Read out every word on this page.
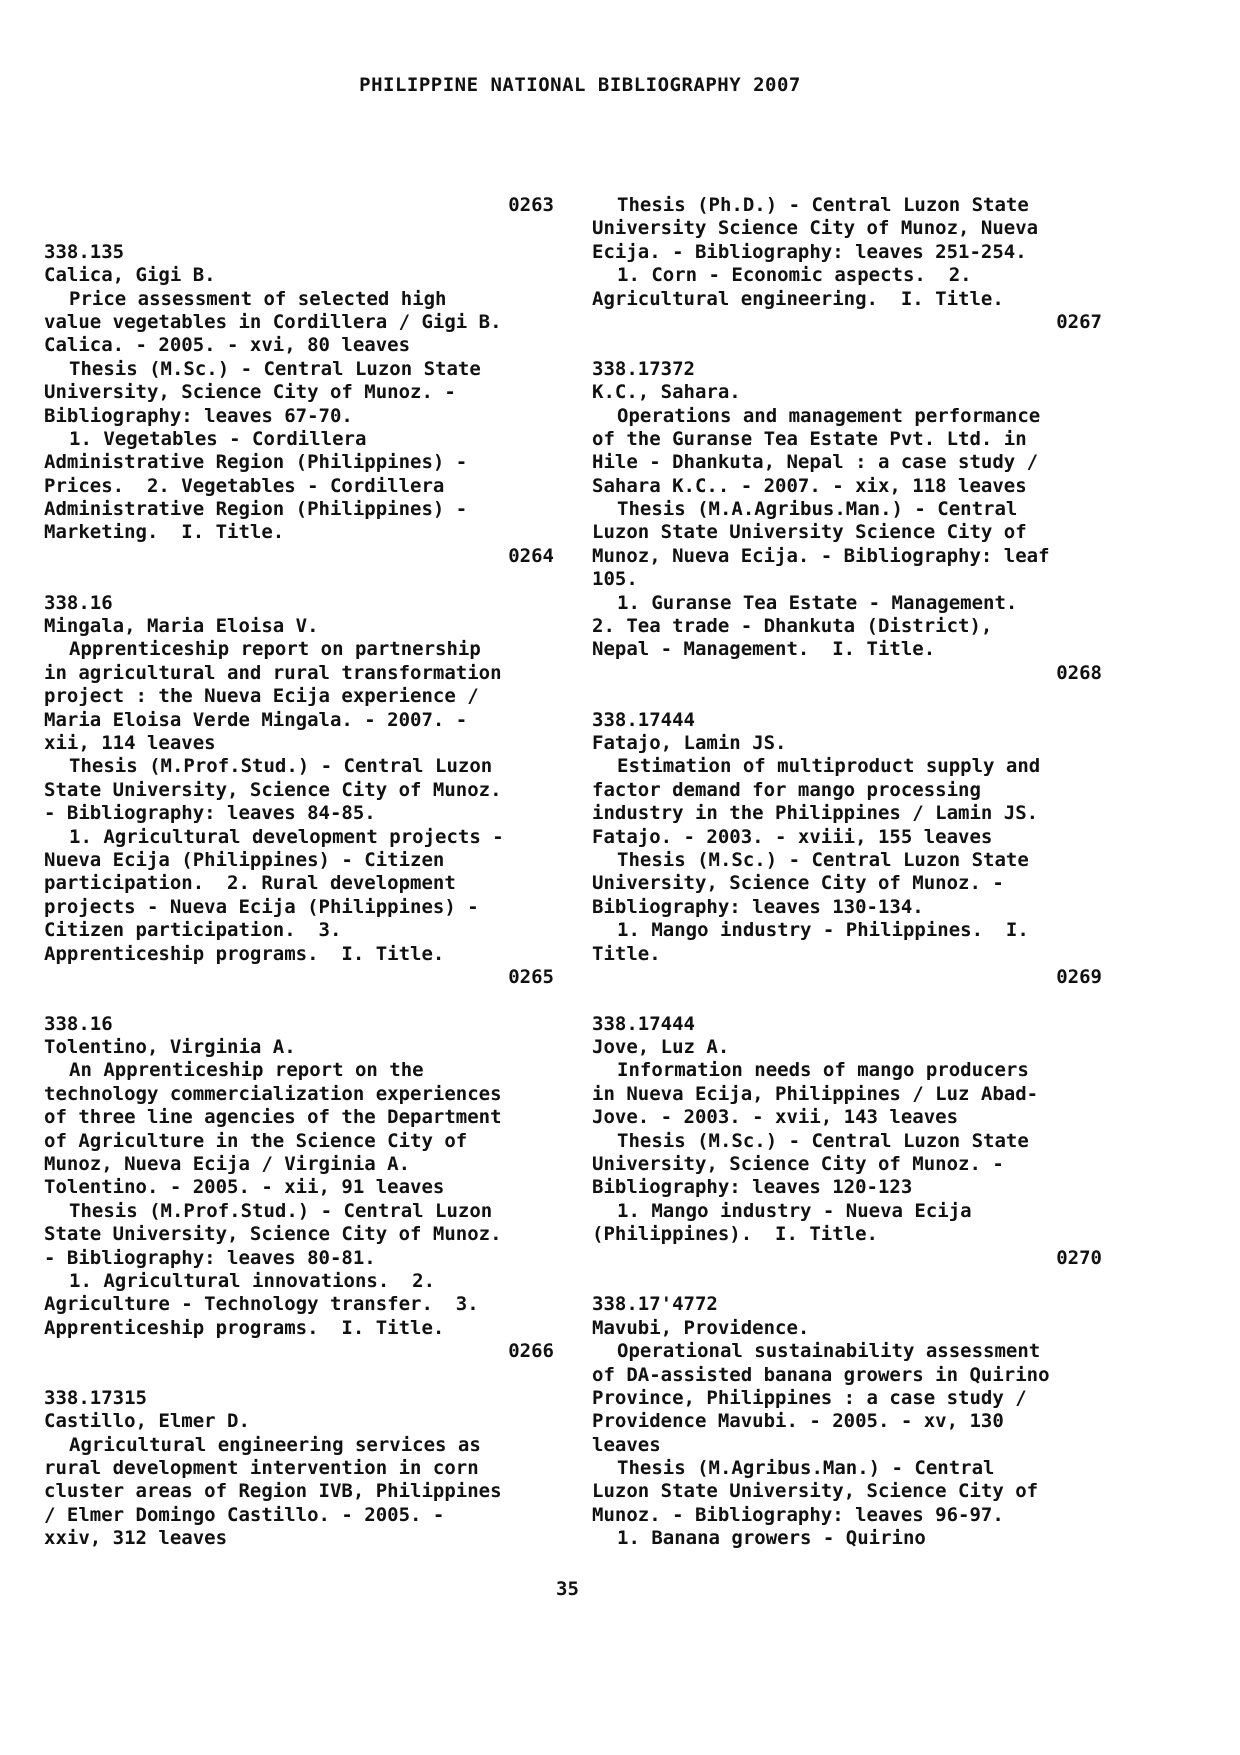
PHILIPPINE NATIONAL BIBLIOGRAPHY 2007
0263
338.135
Calica, Gigi B.
Price assessment of selected high
value vegetables in Cordillera / Gigi B.
Calica. - 2005. - xvi, 80 leaves
Thesis (M.Sc.) - Central Luzon State
University, Science City of Munoz. -
Bibliography: leaves 67-70.
1. Vegetables - Cordillera
Administrative Region (Philippines) -
Prices.  2. Vegetables - Cordillera
Administrative Region (Philippines) -
Marketing.  I. Title.
0264
338.16
Mingala, Maria Eloisa V.
Apprenticeship report on partnership
in agricultural and rural transformation
project : the Nueva Ecija experience /
Maria Eloisa Verde Mingala. - 2007. -
xii, 114 leaves
Thesis (M.Prof.Stud.) - Central Luzon
State University, Science City of Munoz.
- Bibliography: leaves 84-85.
1. Agricultural development projects -
Nueva Ecija (Philippines) - Citizen
participation.  2. Rural development
projects - Nueva Ecija (Philippines) -
Citizen participation.  3.
Apprenticeship programs.  I. Title.
0265
338.16
Tolentino, Virginia A.
An Apprenticeship report on the
technology commercialization experiences
of three line agencies of the Department
of Agriculture in the Science City of
Munoz, Nueva Ecija / Virginia A.
Tolentino. - 2005. - xii, 91 leaves
Thesis (M.Prof.Stud.) - Central Luzon
State University, Science City of Munoz.
- Bibliography: leaves 80-81.
1. Agricultural innovations.  2.
Agriculture - Technology transfer.  3.
Apprenticeship programs.  I. Title.
0266
338.17315
Castillo, Elmer D.
Agricultural engineering services as
rural development intervention in corn
cluster areas of Region IVB, Philippines
/ Elmer Domingo Castillo. - 2005. -
xxiv, 312 leaves
Thesis (Ph.D.) - Central Luzon State
University Science City of Munoz, Nueva
Ecija. - Bibliography: leaves 251-254.
1. Corn - Economic aspects.  2.
Agricultural engineering.  I. Title.
0267
338.17372
K.C., Sahara.
Operations and management performance
of the Guranse Tea Estate Pvt. Ltd. in
Hile - Dhankuta, Nepal : a case study /
Sahara K.C.. - 2007. - xix, 118 leaves
Thesis (M.A.Agribus.Man.) - Central
Luzon State University Science City of
Munoz, Nueva Ecija. - Bibliography: leaf
105.
1. Guranse Tea Estate - Management.
2. Tea trade - Dhankuta (District),
Nepal - Management.  I. Title.
0268
338.17444
Fatajo, Lamin JS.
Estimation of multiproduct supply and
factor demand for mango processing
industry in the Philippines / Lamin JS.
Fatajo. - 2003. - xviii, 155 leaves
Thesis (M.Sc.) - Central Luzon State
University, Science City of Munoz. -
Bibliography: leaves 130-134.
1. Mango industry - Philippines.  I.
Title.
0269
338.17444
Jove, Luz A.
Information needs of mango producers
in Nueva Ecija, Philippines / Luz Abad-
Jove. - 2003. - xvii, 143 leaves
Thesis (M.Sc.) - Central Luzon State
University, Science City of Munoz. -
Bibliography: leaves 120-123
1. Mango industry - Nueva Ecija
(Philippines).  I. Title.
0270
338.17'4772
Mavubi, Providence.
Operational sustainability assessment
of DA-assisted banana growers in Quirino
Province, Philippines : a case study /
Providence Mavubi. - 2005. - xv, 130
leaves
Thesis (M.Agribus.Man.) - Central
Luzon State University, Science City of
Munoz. - Bibliography: leaves 96-97.
1. Banana growers - Quirino
35
